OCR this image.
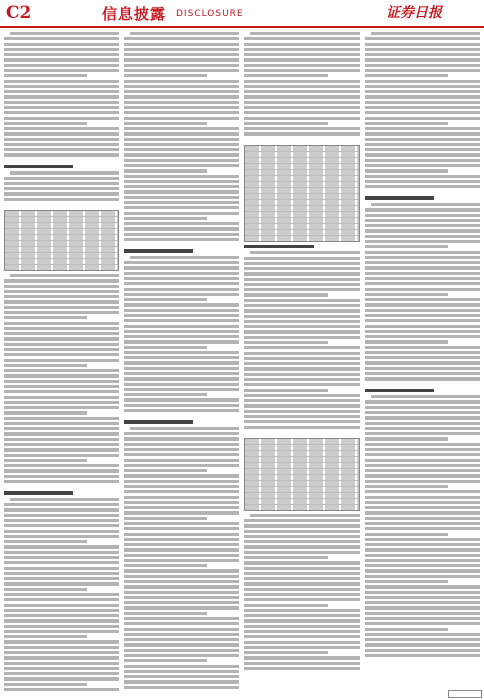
C2	信息披露 DISCLOSURE	证券日报
